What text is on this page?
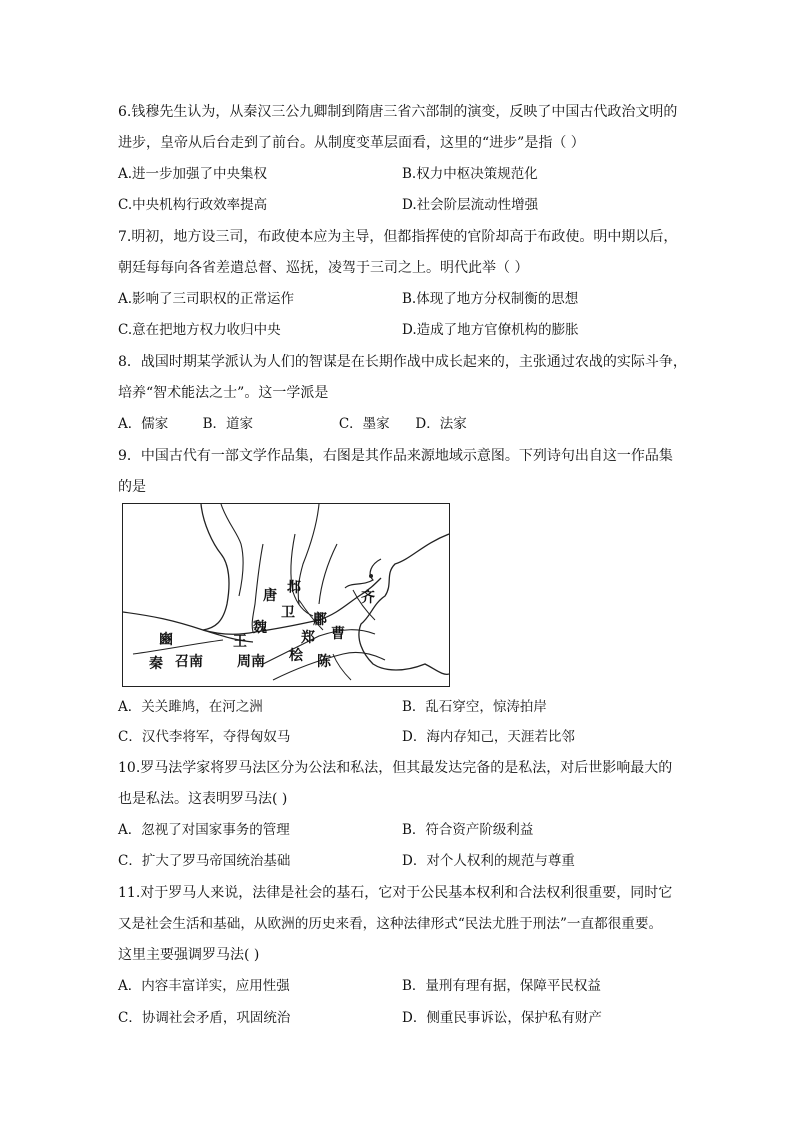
6.钱穆先生认为，从秦汉三公九卿制到隋唐三省六部制的演变，反映了中国古代政治文明的
进步，皇帝从后台走到了前台。从制度变革层面看，这里的“进步”是指（ ）
A.进一步加强了中央集权	B.权力中枢决策规范化
C.中央机构行政效率提高	D.社会阶层流动性增强
7.明初，地方设三司，布政使本应为主导，但都指挥使的官阶却高于布政使。明中期以后，
朝廷每每向各省差遣总督、巡抚，凌驾于三司之上。明代此举（ ）
A.影响了三司职权的正常运作	B.体现了地方分权制衡的思想
C.意在把地方权力收归中央	D.造成了地方官僚机构的膨胀
8．战国时期某学派认为人们的智谋是在长期作战中成长起来的，主张通过农战的实际斗争，
培养“智术能法之士”。这一学派是
A．儒家        B．道家                    C．墨家      D．法家
9．中国古代有一部文学作品集，右图是其作品来源地域示意图。下列诗句出自这一作品集
的是
邶
唐
卫
齐
鄘
魏	曹
豳	王	郑
秦 召南 周南 桧 陈
A．关关雎鸠，在河之洲	B．乱石穿空，惊涛拍岸
C．汉代李将军，夺得匈奴马	D．海内存知己，天涯若比邻
10.罗马法学家将罗马法区分为公法和私法，但其最发达完备的是私法，对后世影响最大的
也是私法。这表明罗马法( )
A．忽视了对国家事务的管理	B．符合资产阶级利益
C．扩大了罗马帝国统治基础	D．对个人权利的规范与尊重
11.对于罗马人来说，法律是社会的基石，它对于公民基本权利和合法权利很重要，同时它
又是社会生活和基础，从欧洲的历史来看，这种法律形式“民法尤胜于刑法”一直都很重要。
这里主要强调罗马法( )
A．内容丰富详实，应用性强	B．量刑有理有据，保障平民权益
C．协调社会矛盾，巩固统治	D．侧重民事诉讼，保护私有财产
